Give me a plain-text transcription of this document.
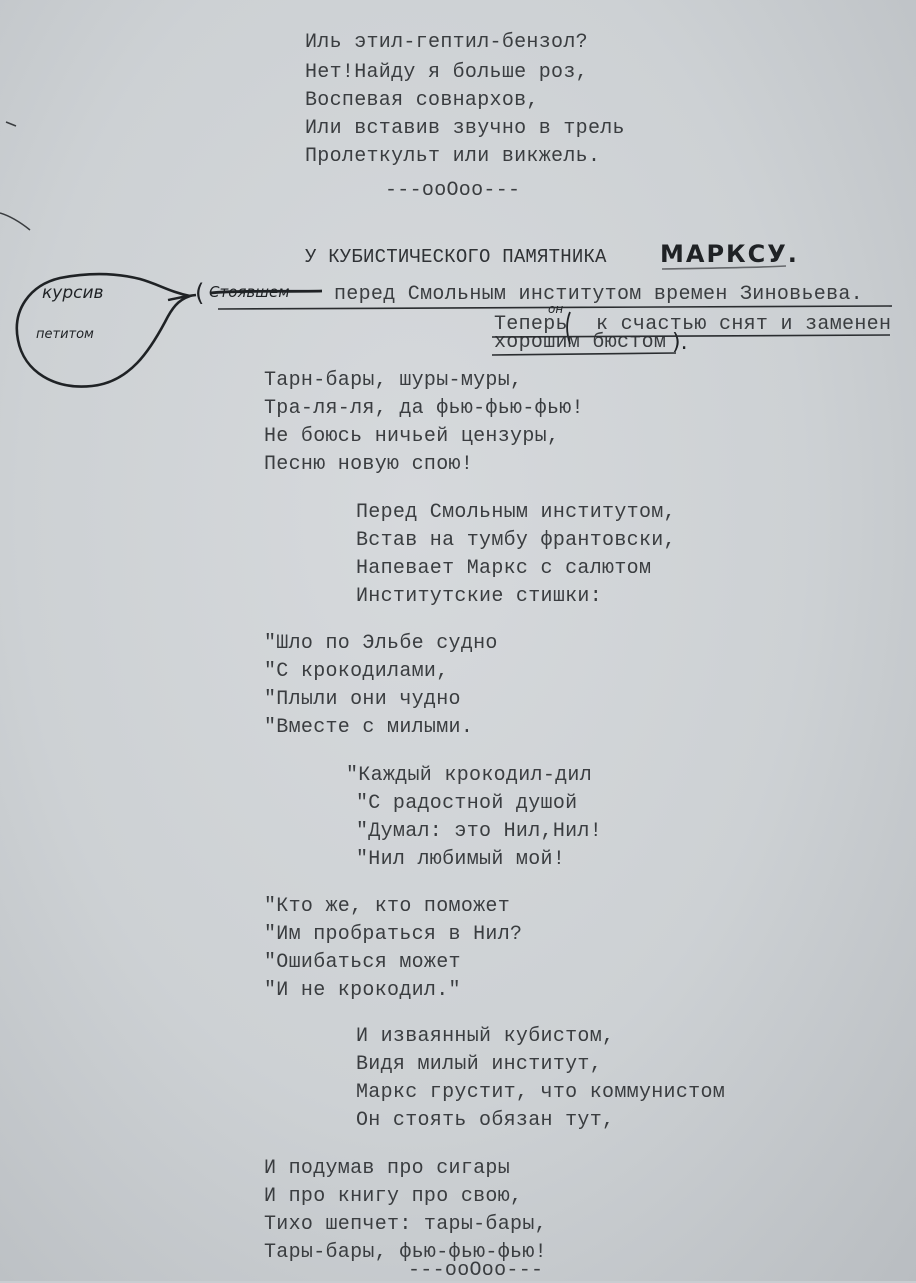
Иль этил-гептил-бензол?
Нет!Найду я больше роз,
Воспевая совнархов,
Или вставив звучно в трель
Пролеткульт или викжель.
---ооОоо---
У КУБИСТИЧЕСКОГО ПАМЯТНИКА МАРКСУ.
( Стоявшем перед Смольным институтом времен Зиновьева.
он
Теперь к счастью снят и заменен
хорошим бюстом ).
курсив
петитом
Тарн-бары, шуры-муры,
Тра-ля-ля, да фью-фью-фью!
Не боюсь ничьей цензуры,
Песню новую спою!
Перед Смольным институтом,
Встав на тумбу франтовски,
Напевает Маркс с салютом
Институтские стишки:
"Шло по Эльбе судно
"С крокодилами,
"Плыли они чудно
"Вместе с милыми.
"Каждый крокодил-дил
"С радостной душой
"Думал: это Нил,Нил!
"Нил любимый мой!
"Кто же, кто поможет
"Им пробраться в Нил?
"Ошибаться может
"И не крокодил."
И изваянный кубистом,
Видя милый институт,
Маркс грустит, что коммунистом
Он стоять обязан тут,
И подумав про сигары
И про книгу про свою,
Тихо шепчет: тары-бары,
Тары-бары, фью-фью-фью!
---ооОоо---
